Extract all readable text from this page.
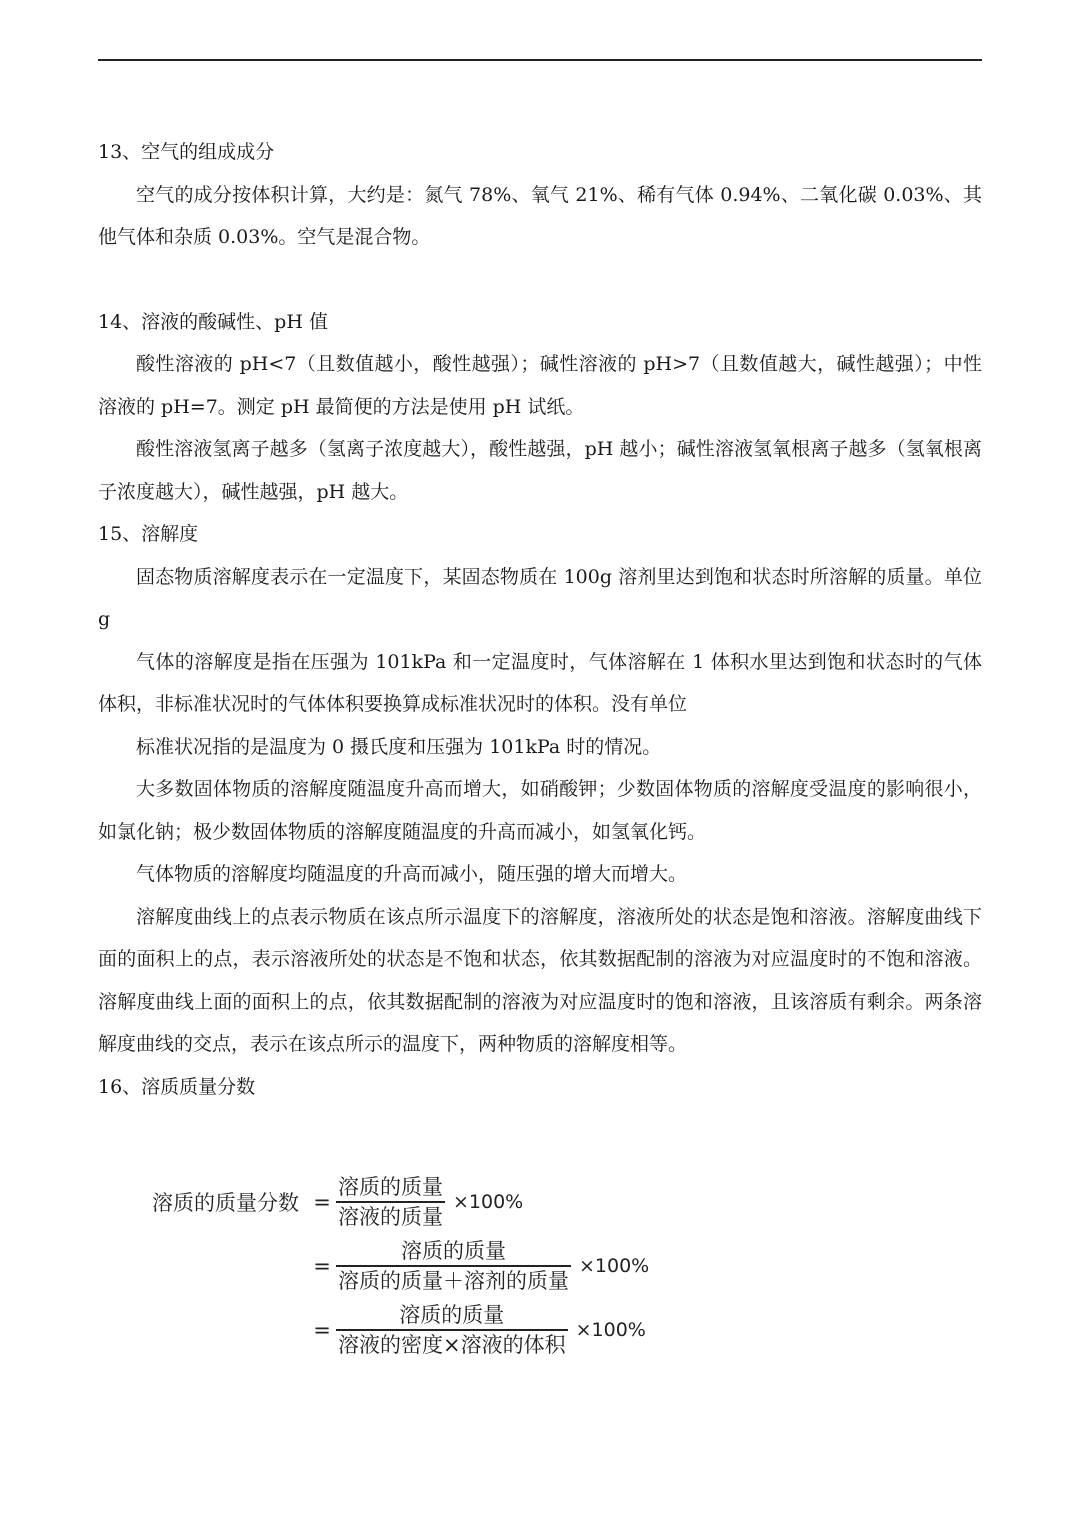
13、空气的组成成分

空气的成分按体积计算，大约是：氮气 78%、氧气 21%、稀有气体 0.94%、二氧化碳 0.03%、其他气体和杂质 0.03%。空气是混合物。

14、溶液的酸碱性、pH 值

酸性溶液的 pH<7（且数值越小，酸性越强）；碱性溶液的 pH>7（且数值越大，碱性越强）；中性溶液的 pH=7。测定 pH 最简便的方法是使用 pH 试纸。

酸性溶液氢离子越多（氢离子浓度越大），酸性越强，pH 越小；碱性溶液氢氧根离子越多（氢氧根离子浓度越大），碱性越强，pH 越大。

15、溶解度

固态物质溶解度表示在一定温度下，某固态物质在 100g 溶剂里达到饱和状态时所溶解的质量。单位 g

气体的溶解度是指在压强为 101kPa 和一定温度时，气体溶解在 1 体积水里达到饱和状态时的气体体积，非标准状况时的气体体积要换算成标准状况时的体积。没有单位

标准状况指的是温度为 0 摄氏度和压强为 101kPa 时的情况。

大多数固体物质的溶解度随温度升高而增大，如硝酸钾；少数固体物质的溶解度受温度的影响很小，如氯化钠；极少数固体物质的溶解度随温度的升高而减小，如氢氧化钙。

气体物质的溶解度均随温度的升高而减小，随压强的增大而增大。

溶解度曲线上的点表示物质在该点所示温度下的溶解度，溶液所处的状态是饱和溶液。溶解度曲线下面的面积上的点，表示溶液所处的状态是不饱和状态，依其数据配制的溶液为对应温度时的不饱和溶液。溶解度曲线上面的面积上的点，依其数据配制的溶液为对应温度时的饱和溶液，且该溶质有剩余。两条溶解度曲线的交点，表示在该点所示的温度下，两种物质的溶解度相等。

16、溶质质量分数

溶质的质量分数 = $\frac{\text{溶质的质量}}{\text{溶液的质量}} \times 100\%$
= $\frac{\text{溶质的质量}}{\text{溶质的质量＋溶剂的质量}} \times 100\%$
= $\frac{\text{溶质的质量}}{\text{溶液的密度×溶液的体积}} \times 100\%$
